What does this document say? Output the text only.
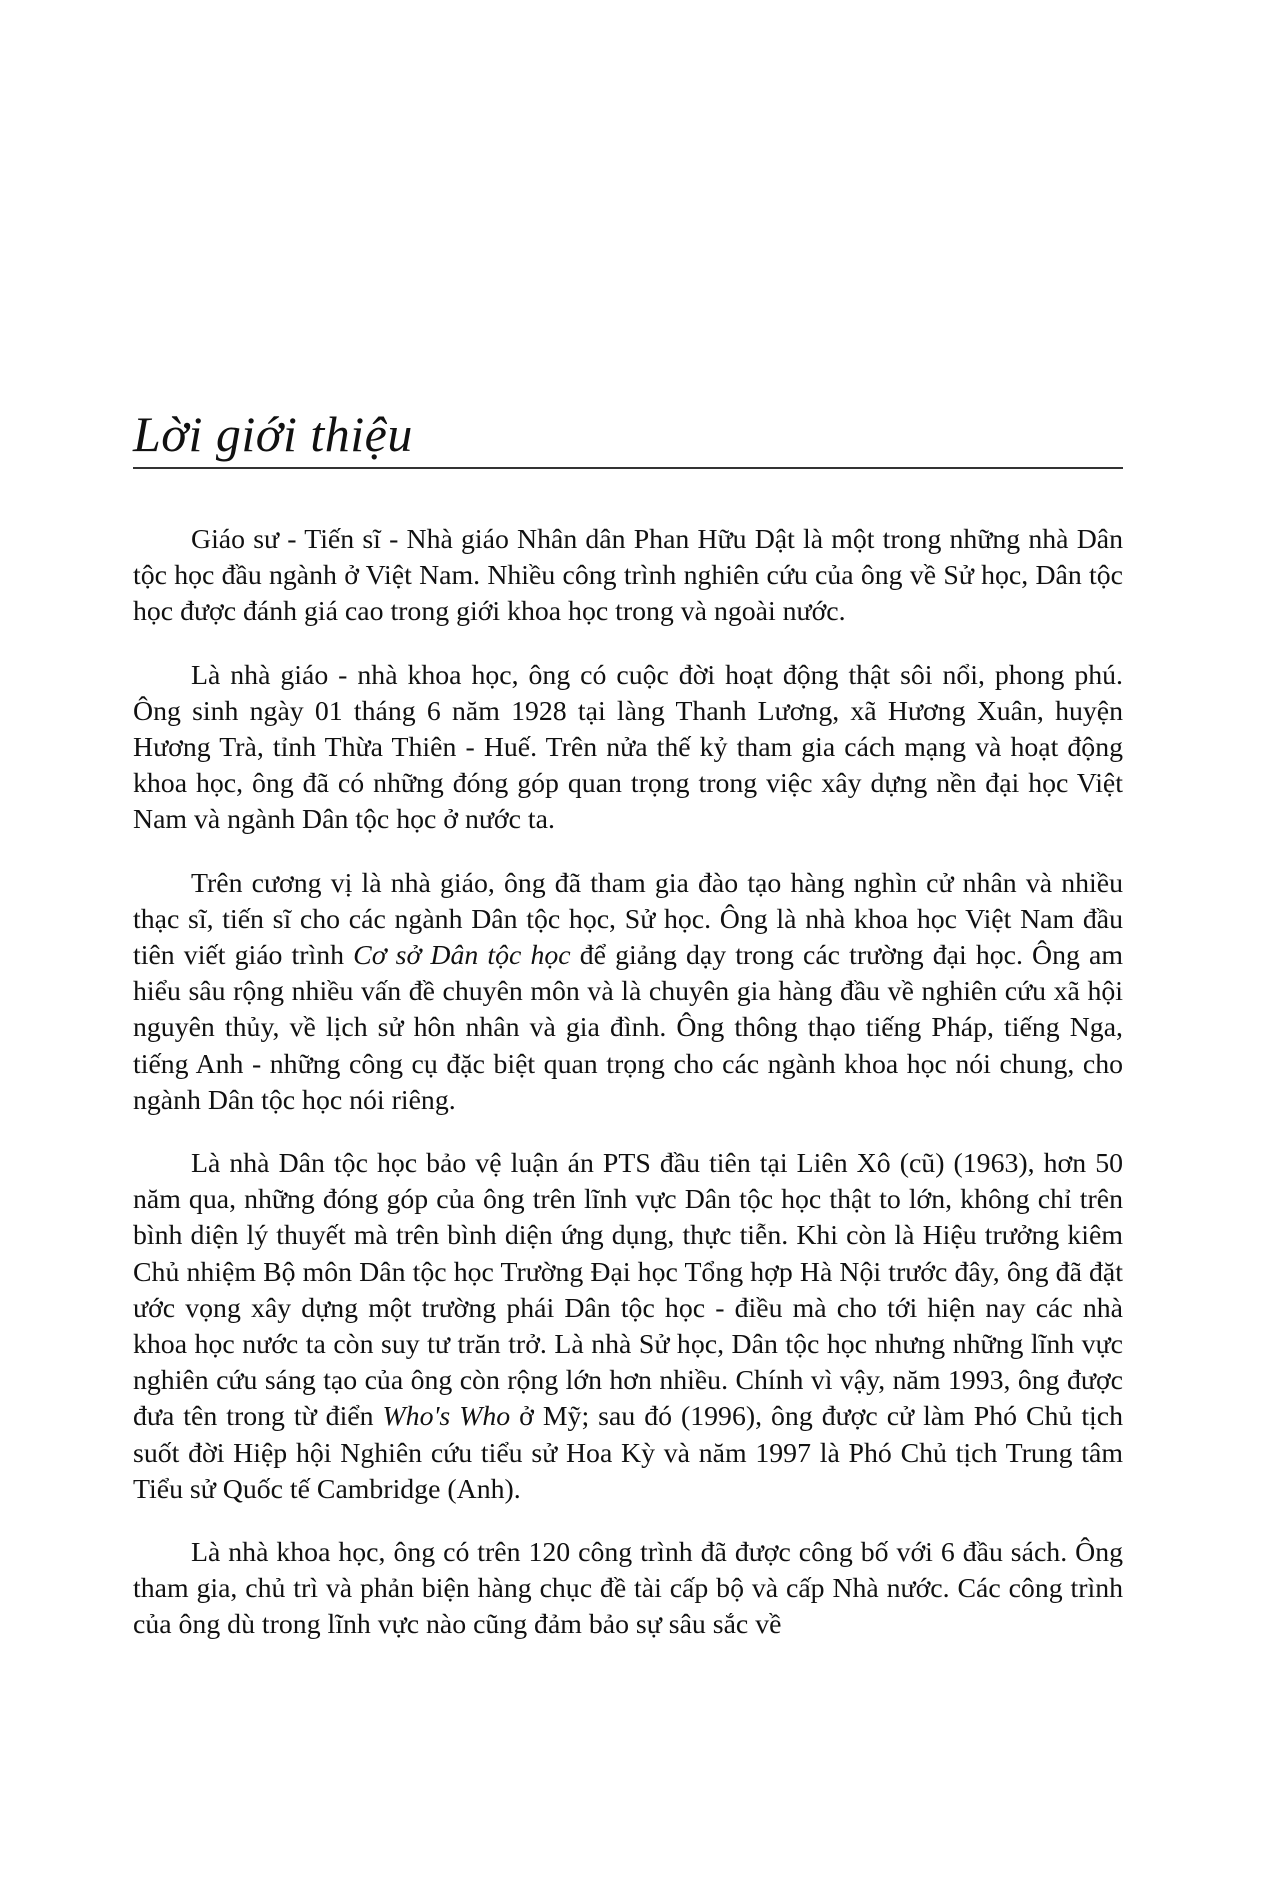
Lời giới thiệu

Giáo sư - Tiến sĩ - Nhà giáo Nhân dân Phan Hữu Dật là một trong những nhà Dân tộc học đầu ngành ở Việt Nam. Nhiều công trình nghiên cứu của ông về Sử học, Dân tộc học được đánh giá cao trong giới khoa học trong và ngoài nước.

Là nhà giáo - nhà khoa học, ông có cuộc đời hoạt động thật sôi nổi, phong phú. Ông sinh ngày 01 tháng 6 năm 1928 tại làng Thanh Lương, xã Hương Xuân, huyện Hương Trà, tỉnh Thừa Thiên - Huế. Trên nửa thế kỷ tham gia cách mạng và hoạt động khoa học, ông đã có những đóng góp quan trọng trong việc xây dựng nền đại học Việt Nam và ngành Dân tộc học ở nước ta.

Trên cương vị là nhà giáo, ông đã tham gia đào tạo hàng nghìn cử nhân và nhiều thạc sĩ, tiến sĩ cho các ngành Dân tộc học, Sử học. Ông là nhà khoa học Việt Nam đầu tiên viết giáo trình Cơ sở Dân tộc học để giảng dạy trong các trường đại học. Ông am hiểu sâu rộng nhiều vấn đề chuyên môn và là chuyên gia hàng đầu về nghiên cứu xã hội nguyên thủy, về lịch sử hôn nhân và gia đình. Ông thông thạo tiếng Pháp, tiếng Nga, tiếng Anh - những công cụ đặc biệt quan trọng cho các ngành khoa học nói chung, cho ngành Dân tộc học nói riêng.

Là nhà Dân tộc học bảo vệ luận án PTS đầu tiên tại Liên Xô (cũ) (1963), hơn 50 năm qua, những đóng góp của ông trên lĩnh vực Dân tộc học thật to lớn, không chỉ trên bình diện lý thuyết mà trên bình diện ứng dụng, thực tiễn. Khi còn là Hiệu trưởng kiêm Chủ nhiệm Bộ môn Dân tộc học Trường Đại học Tổng hợp Hà Nội trước đây, ông đã đặt ước vọng xây dựng một trường phái Dân tộc học - điều mà cho tới hiện nay các nhà khoa học nước ta còn suy tư trăn trở. Là nhà Sử học, Dân tộc học nhưng những lĩnh vực nghiên cứu sáng tạo của ông còn rộng lớn hơn nhiều. Chính vì vậy, năm 1993, ông được đưa tên trong từ điển Who's Who ở Mỹ; sau đó (1996), ông được cử làm Phó Chủ tịch suốt đời Hiệp hội Nghiên cứu tiểu sử Hoa Kỳ và năm 1997 là Phó Chủ tịch Trung tâm Tiểu sử Quốc tế Cambridge (Anh).

Là nhà khoa học, ông có trên 120 công trình đã được công bố với 6 đầu sách. Ông tham gia, chủ trì và phản biện hàng chục đề tài cấp bộ và cấp Nhà nước. Các công trình của ông dù trong lĩnh vực nào cũng đảm bảo sự sâu sắc về
